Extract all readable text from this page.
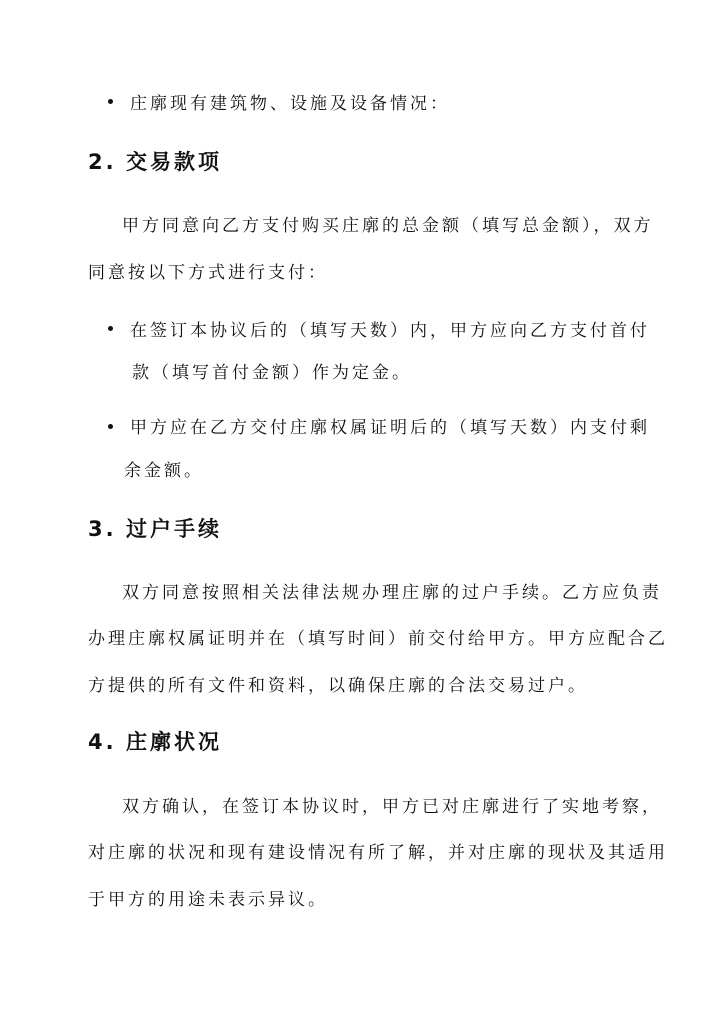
庄廓现有建筑物、设施及设备情况：
2. 交易款项
甲方同意向乙方支付购买庄廓的总金额（填写总金额），双方
同意按以下方式进行支付：
在签订本协议后的（填写天数）内，甲方应向乙方支付首付
款（填写首付金额）作为定金。
甲方应在乙方交付庄廓权属证明后的（填写天数）内支付剩
余金额。
3. 过户手续
双方同意按照相关法律法规办理庄廓的过户手续。乙方应负责
办理庄廓权属证明并在（填写时间）前交付给甲方。甲方应配合乙
方提供的所有文件和资料，以确保庄廓的合法交易过户。
4. 庄廓状况
双方确认，在签订本协议时，甲方已对庄廓进行了实地考察，
对庄廓的状况和现有建设情况有所了解，并对庄廓的现状及其适用
于甲方的用途未表示异议。
